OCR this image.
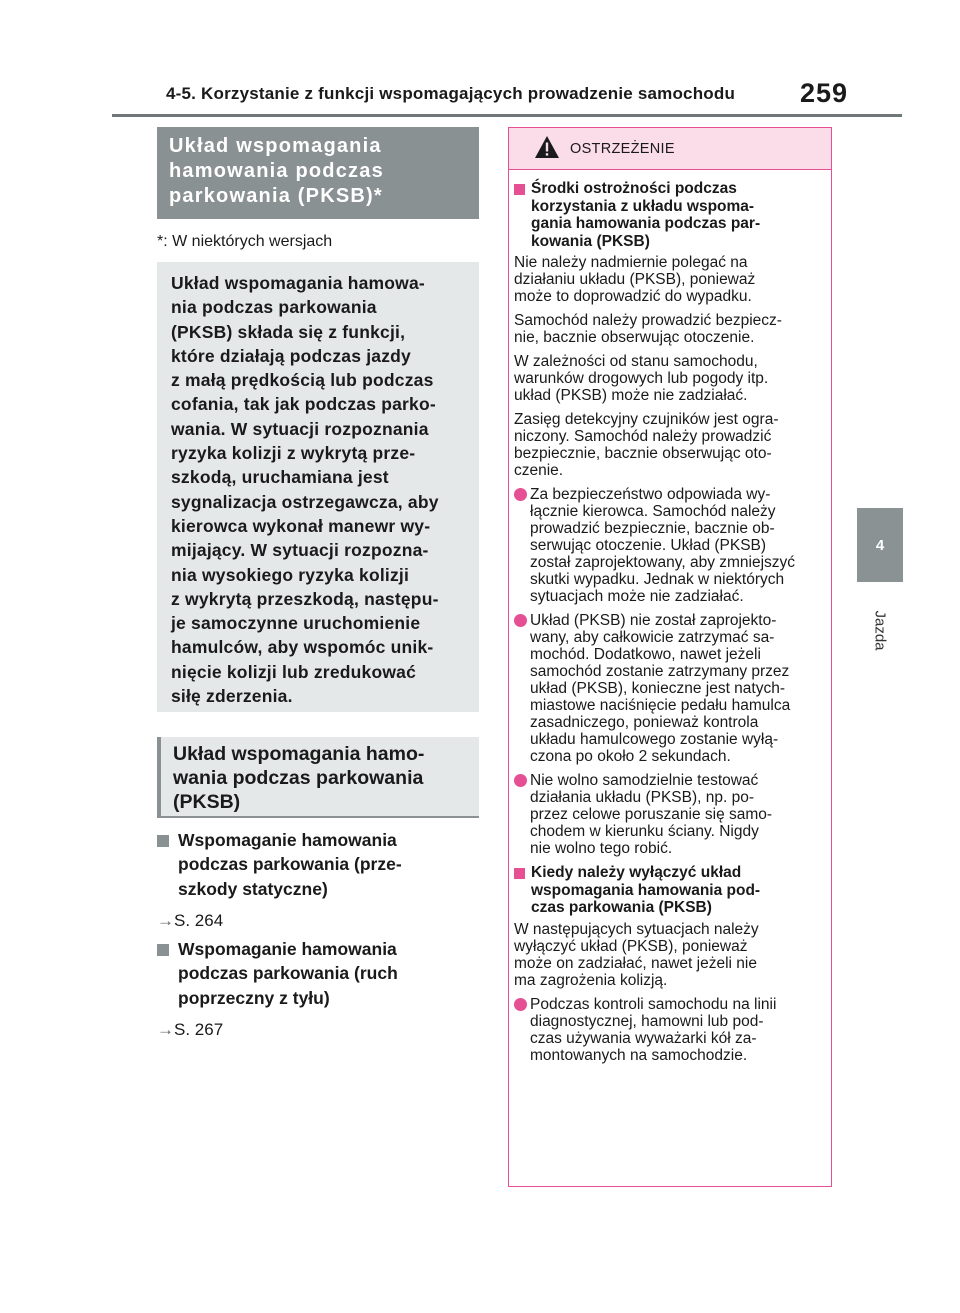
4-5. Korzystanie z funkcji wspomagających prowadzenie samochodu 259
4
Jazda
Układ wspomagania
hamowania podczas
parkowania (PKSB)*
*: W niektórych wersjach

Układ wspomagania hamowa-
nia podczas parkowania
(PKSB) składa się z funkcji,
które działają podczas jazdy
z małą prędkością lub podczas
cofania, tak jak podczas parko-
wania. W sytuacji rozpoznania
ryzyka kolizji z wykrytą prze-
szkodą, uruchamiana jest
sygnalizacja ostrzegawcza, aby
kierowca wykonał manewr wy-
mijający. W sytuacji rozpozna-
nia wysokiego ryzyka kolizji
z wykrytą przeszkodą, następu-
je samoczynne uruchomienie
hamulców, aby wspomóc unik-
nięcie kolizji lub zredukować
siłę zderzenia.

Układ wspomagania hamo-
wania podczas parkowania
(PKSB)
Wspomaganie hamowania
podczas parkowania (prze-
szkody statyczne)
→S. 264
Wspomaganie hamowania
podczas parkowania (ruch
poprzeczny z tyłu)
→S. 267
OSTRZEŻENIE
Środki ostrożności podczas
korzystania z układu wspoma-
gania hamowania podczas par-
kowania (PKSB)

Nie należy nadmiernie polegać na
działaniu układu (PKSB), ponieważ
może to doprowadzić do wypadku.

Samochód należy prowadzić bezpiecz-
nie, bacznie obserwując otoczenie.

W zależności od stanu samochodu,
warunków drogowych lub pogody itp.
układ (PKSB) może nie zadziałać.

Zasięg detekcyjny czujników jest ogra-
niczony. Samochód należy prowadzić
bezpiecznie, bacznie obserwując oto-
czenie.

Za bezpieczeństwo odpowiada wy-
łącznie kierowca. Samochód należy
prowadzić bezpiecznie, bacznie ob-
serwując otoczenie. Układ (PKSB)
został zaprojektowany, aby zmniejszyć
skutki wypadku. Jednak w niektórych
sytuacjach może nie zadziałać.
Układ (PKSB) nie został zaprojekto-
wany, aby całkowicie zatrzymać sa-
mochód. Dodatkowo, nawet jeżeli
samochód zostanie zatrzymany przez
układ (PKSB), konieczne jest natych-
miastowe naciśnięcie pedału hamulca
zasadniczego, ponieważ kontrola
układu hamulcowego zostanie wyłą-
czona po około 2 sekundach.
Nie wolno samodzielnie testować
działania układu (PKSB), np. po-
przez celowe poruszanie się samo-
chodem w kierunku ściany. Nigdy
nie wolno tego robić.
Kiedy należy wyłączyć układ
wspomagania hamowania pod-
czas parkowania (PKSB)

W następujących sytuacjach należy
wyłączyć układ (PKSB), ponieważ
może on zadziałać, nawet jeżeli nie
ma zagrożenia kolizją.

Podczas kontroli samochodu na linii
diagnostycznej, hamowni lub pod-
czas używania wyważarki kół za-
montowanych na samochodzie.
